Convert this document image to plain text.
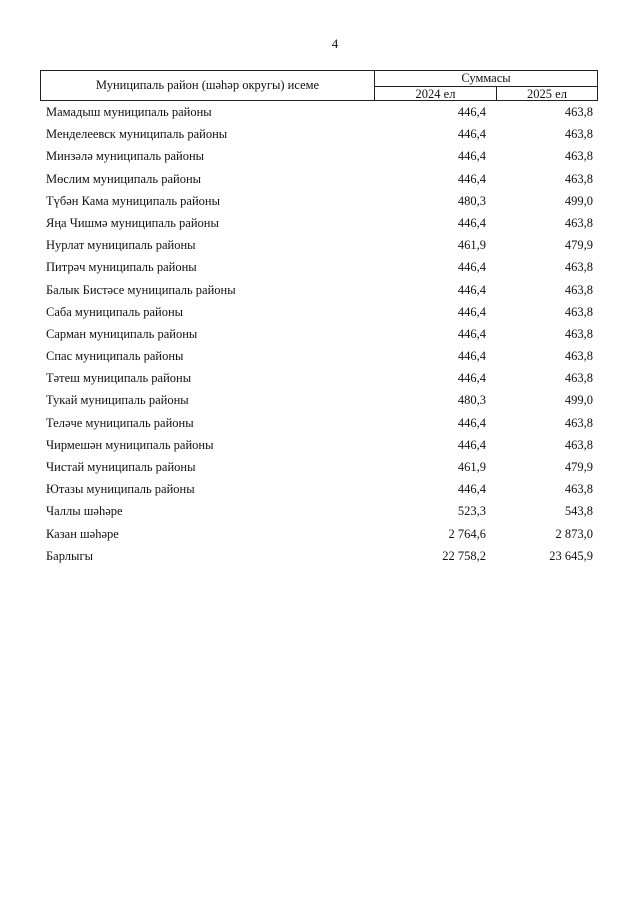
4
Муниципаль район (шәһәр округы) исеме	Суммасы
2024 ел	2025 ел
Мамадыш муниципаль районы	446,4	463,8
Менделеевск муниципаль районы	446,4	463,8
Минзәлә муниципаль районы	446,4	463,8
Мөслим муниципаль районы	446,4	463,8
Түбән Кама муниципаль районы	480,3	499,0
Яңа Чишмә муниципаль районы	446,4	463,8
Нурлат муниципаль районы	461,9	479,9
Питрәч муниципаль районы	446,4	463,8
Балык Бистәсе муниципаль районы	446,4	463,8
Саба муниципаль районы	446,4	463,8
Сарман муниципаль районы	446,4	463,8
Спас муниципаль районы	446,4	463,8
Тәтеш муниципаль районы	446,4	463,8
Тукай муниципаль районы	480,3	499,0
Теләче муниципаль районы	446,4	463,8
Чирмешән муниципаль районы	446,4	463,8
Чистай муниципаль районы	461,9	479,9
Ютазы муниципаль районы	446,4	463,8
Чаллы шәһәре	523,3	543,8
Казан шәһәре	2 764,6	2 873,0
Барлыгы	22 758,2	23 645,9
